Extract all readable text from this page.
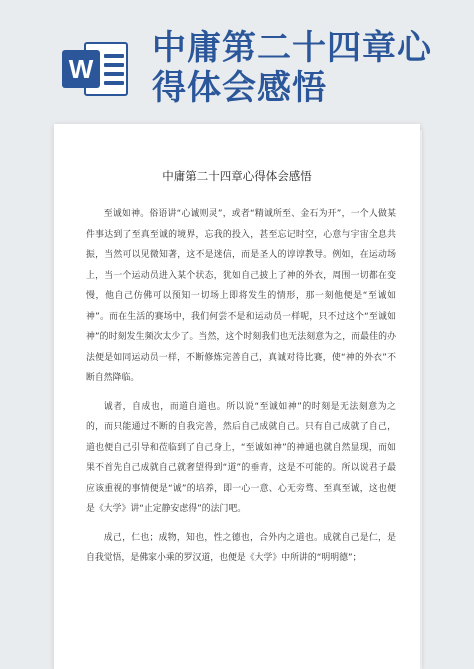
W
中庸第二十四章心得体会感悟
中庸第二十四章心得体会感悟

至诚如神。俗语讲“心诚则灵”，或者“精诚所至、金石为开”，一个人做某件事达到了至真至诚的境界，忘我的投入，甚至忘记时空，心意与宇宙全息共振，当然可以见微知著，这不是迷信，而是圣人的谆谆教导。例如，在运动场上，当一个运动员进入某个状态，犹如自己披上了神的外衣，周围一切都在变慢，他自己仿佛可以预知一切场上即将发生的情形，那一刻他便是“至诚如神”。而在生活的赛场中，我们何尝不是和运动员一样呢，只不过这个“至诚如神”的时刻发生频次太少了。当然，这个时刻我们也无法刻意为之，而最佳的办法便是如同运动员一样，不断修炼完善自己，真诚对待比赛，使“神的外衣”不断自然降临。

诚者，自成也，而道自道也。所以说“至诚如神”的时刻是无法刻意为之的，而只能通过不断的自我完善，然后自己成就自己。只有自己成就了自己，道也便自己引导和莅临到了自己身上，“至诚如神”的神通也就自然显现，而如果不首先自己成就自己就奢望得到“道”的垂青，这是不可能的。所以说君子最应该重视的事情便是“诚”的培养，即一心一意、心无旁骛、至真至诚，这也便是《大学》讲“止定静安虑得”的法门吧。

成己，仁也；成物，知也，性之德也，合外内之道也。成就自己是仁，是自我觉悟，是佛家小乘的罗汉道，也便是《大学》中所讲的“明明德”；
